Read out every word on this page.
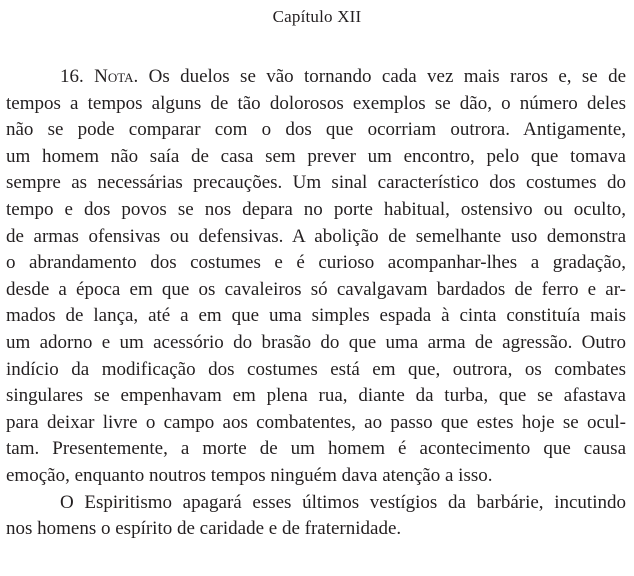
Capítulo XII
16. Nota. Os duelos se vão tornando cada vez mais raros e, se de
tempos a tempos alguns de tão dolorosos exemplos se dão, o número deles
não se pode comparar com o dos que ocorriam outrora. Antigamente,
um homem não saía de casa sem prever um encontro, pelo que tomava
sempre as necessárias precauções. Um sinal característico dos costumes do
tempo e dos povos se nos depara no porte habitual, ostensivo ou oculto,
de armas ofensivas ou defensivas. A abolição de semelhante uso demonstra
o abrandamento dos costumes e é curioso acompanhar-lhes a gradação,
desde a época em que os cavaleiros só cavalgavam bardados de ferro e ar-
mados de lança, até a em que uma simples espada à cinta constituía mais
um adorno e um acessório do brasão do que uma arma de agressão. Outro
indício da modificação dos costumes está em que, outrora, os combates
singulares se empenhavam em plena rua, diante da turba, que se afastava
para deixar livre o campo aos combatentes, ao passo que estes hoje se ocul-
tam. Presentemente, a morte de um homem é acontecimento que causa
emoção, enquanto noutros tempos ninguém dava atenção a isso.
O Espiritismo apagará esses últimos vestígios da barbárie, incutindo
nos homens o espírito de caridade e de fraternidade.
